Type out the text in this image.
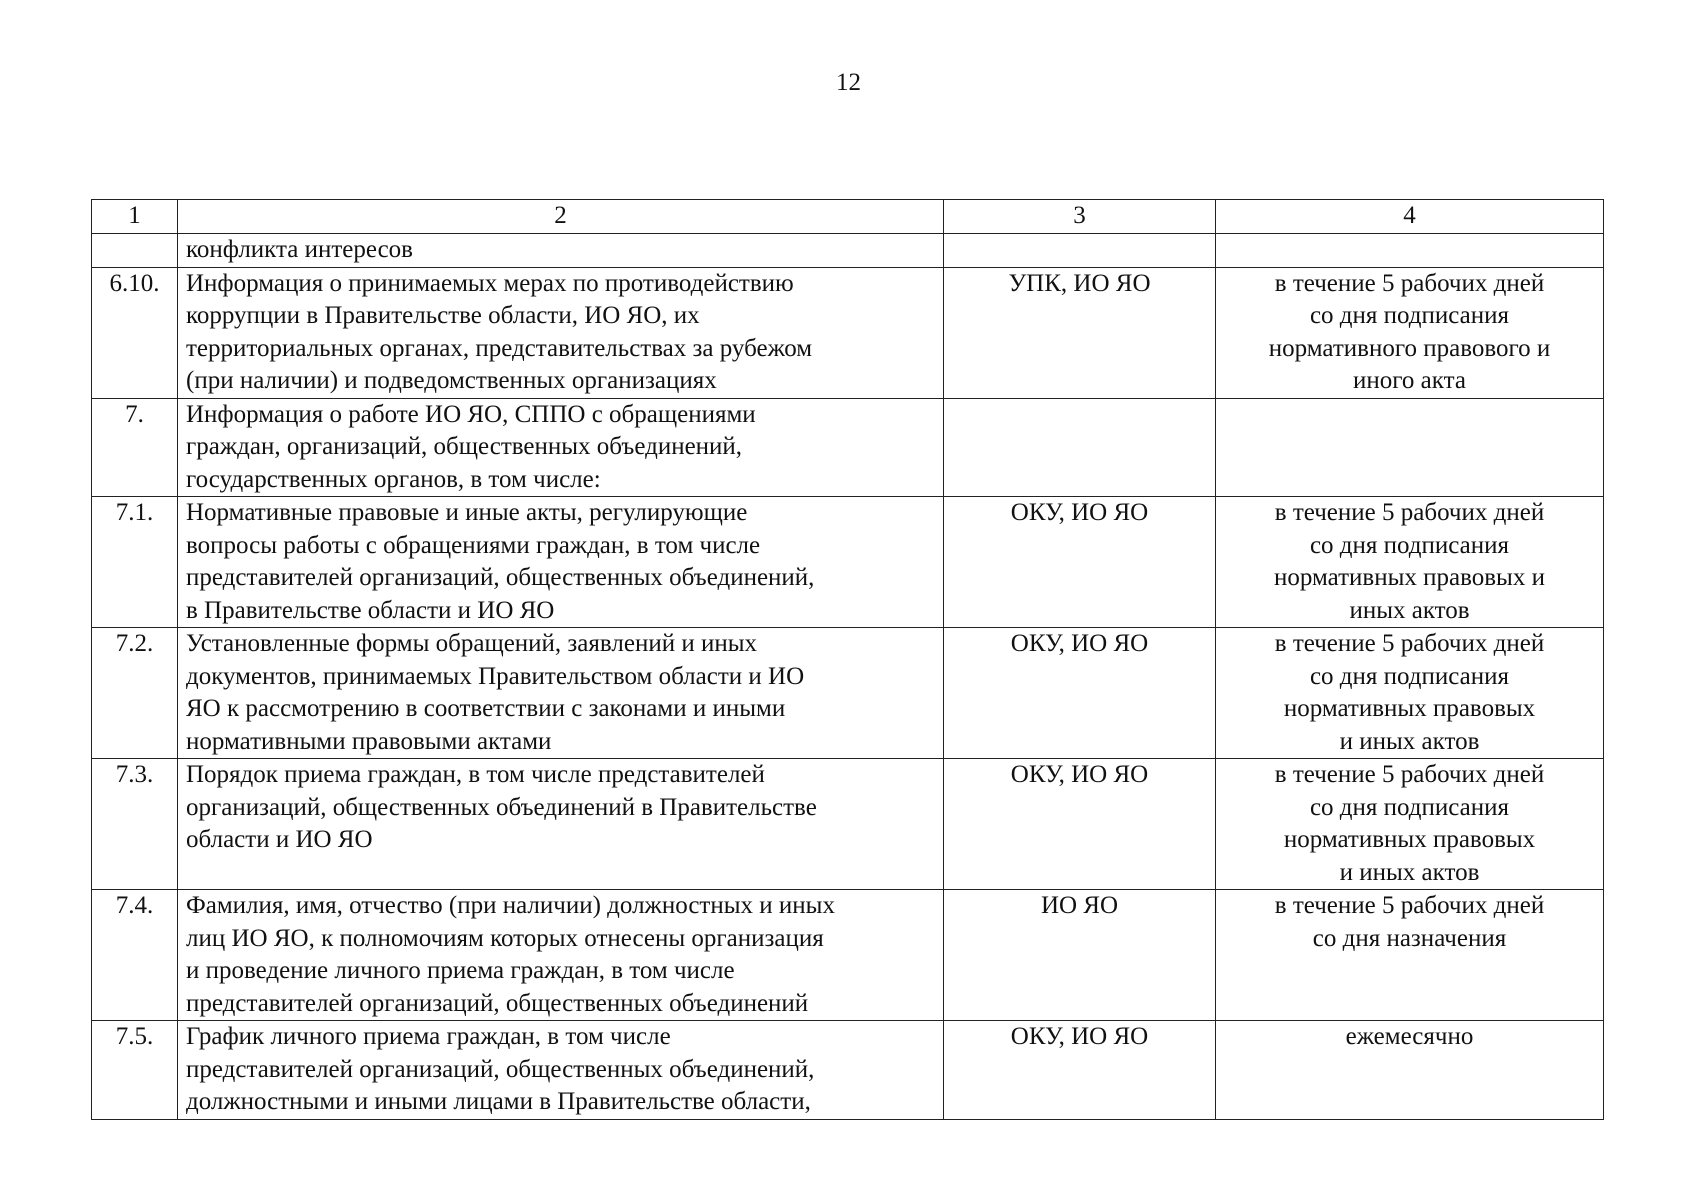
12
1	2	3	4

	конфликта интересов		

6.10.	Информация о принимаемых мерах по противодействию
коррупции в Правительстве области, ИО ЯО, их
территориальных органах, представительствах за рубежом
(при наличии) и подведомственных организациях	УПК, ИО ЯО	в течение 5 рабочих дней
со дня подписания
нормативного правового и
иного акта

7.	Информация о работе ИО ЯО, СППО с обращениями
граждан, организаций, общественных объединений,
государственных органов, в том числе:		

7.1.	Нормативные правовые и иные акты, регулирующие
вопросы работы с обращениями граждан, в том числе
представителей организаций, общественных объединений,
в Правительстве области и ИО ЯО	ОКУ, ИО ЯО	в течение 5 рабочих дней
со дня подписания
нормативных правовых и
иных актов

7.2.	Установленные формы обращений, заявлений и иных
документов, принимаемых Правительством области и ИО
ЯО к рассмотрению в соответствии с законами и иными
нормативными правовыми актами	ОКУ, ИО ЯО	в течение 5 рабочих дней
со дня подписания
нормативных правовых
и иных актов

7.3.	Порядок приема граждан, в том числе представителей
организаций, общественных объединений в Правительстве
области и ИО ЯО	ОКУ, ИО ЯО	в течение 5 рабочих дней
со дня подписания
нормативных правовых
и иных актов

7.4.	Фамилия, имя, отчество (при наличии) должностных и иных
лиц ИО ЯО, к полномочиям которых отнесены организация
и проведение личного приема граждан, в том числе
представителей организаций, общественных объединений	ИО ЯО	в течение 5 рабочих дней
со дня назначения

7.5.	График личного приема граждан, в том числе
представителей организаций, общественных объединений,
должностными и иными лицами в Правительстве области,	ОКУ, ИО ЯО	ежемесячно
